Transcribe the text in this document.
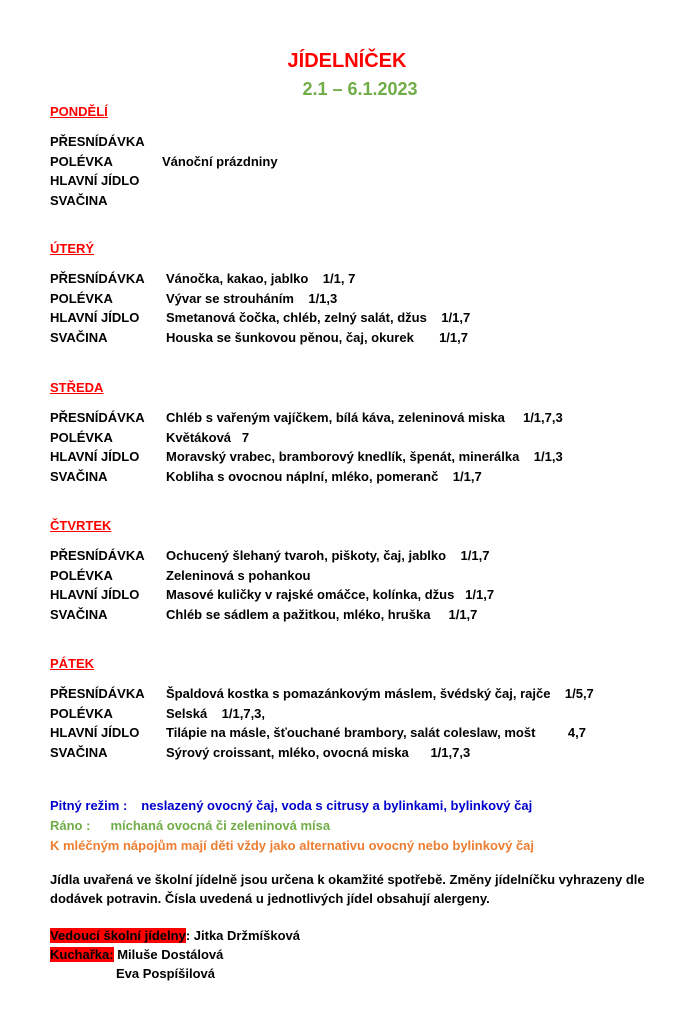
JÍDELNÍČEK
2.1 – 6.1.2023
PONDĚLÍ
PŘESNÍDÁVKA
POLÉVKA	Vánoční prázdniny
HLAVNÍ JÍDLO
SVAČINA
ÚTERÝ
PŘESNÍDÁVKA	Vánočka, kakao, jablko    1/1, 7
POLÉVKA	Vývar se strouháním    1/1,3
HLAVNÍ JÍDLO	Smetanová čočka, chléb, zelný salát, džus    1/1,7
SVAČINA	Houska se šunkovou pěnou, čaj, okurek       1/1,7
STŘEDA
PŘESNÍDÁVKA	Chléb s vařeným vajíčkem, bílá káva, zeleninová miska     1/1,7,3
POLÉVKA	Květáková   7
HLAVNÍ JÍDLO	Moravský vrabec, bramborový knedlík, špenát, minerálka    1/1,3
SVAČINA	Kobliha s ovocnou náplní, mléko, pomeranč    1/1,7
ČTVRTEK
PŘESNÍDÁVKA	Ochucený šlehaný tvaroh, piškoty, čaj, jablko    1/1,7
POLÉVKA	Zeleninová s pohankou
HLAVNÍ JÍDLO	Masové kuličky v rajské omáčce, kolínka, džus   1/1,7
SVAČINA	Chléb se sádlem a pažitkou, mléko, hruška     1/1,7
PÁTEK
PŘESNÍDÁVKA	Špaldová kostka s pomazánkovým máslem, švédský čaj, rajče    1/5,7
POLÉVKA	Selská    1/1,7,3,
HLAVNÍ JÍDLO	Tilápie na másle, šťouchané brambory, salát coleslaw, mošt         4,7
SVAČINA	Sýrový croissant, mléko, ovocná miska      1/1,7,3
Pitný režim : neslazený ovocný čaj, voda s citrusy a bylinkami, bylinkový čaj
Ráno : míchaná ovocná či zeleninová mísa
K mléčným nápojům mají děti vždy jako alternativu ovocný nebo bylinkový čaj
Jídla uvařená ve školní jídelně jsou určena k okamžité spotřebě. Změny jídelníčku vyhrazeny dle dodávek potravin. Čísla uvedená u jednotlivých jídel obsahují alergeny.
Vedoucí školní jídelny: Jitka Držmíšková
Kuchařka: Miluše Dostálová
Eva Pospíšilová
